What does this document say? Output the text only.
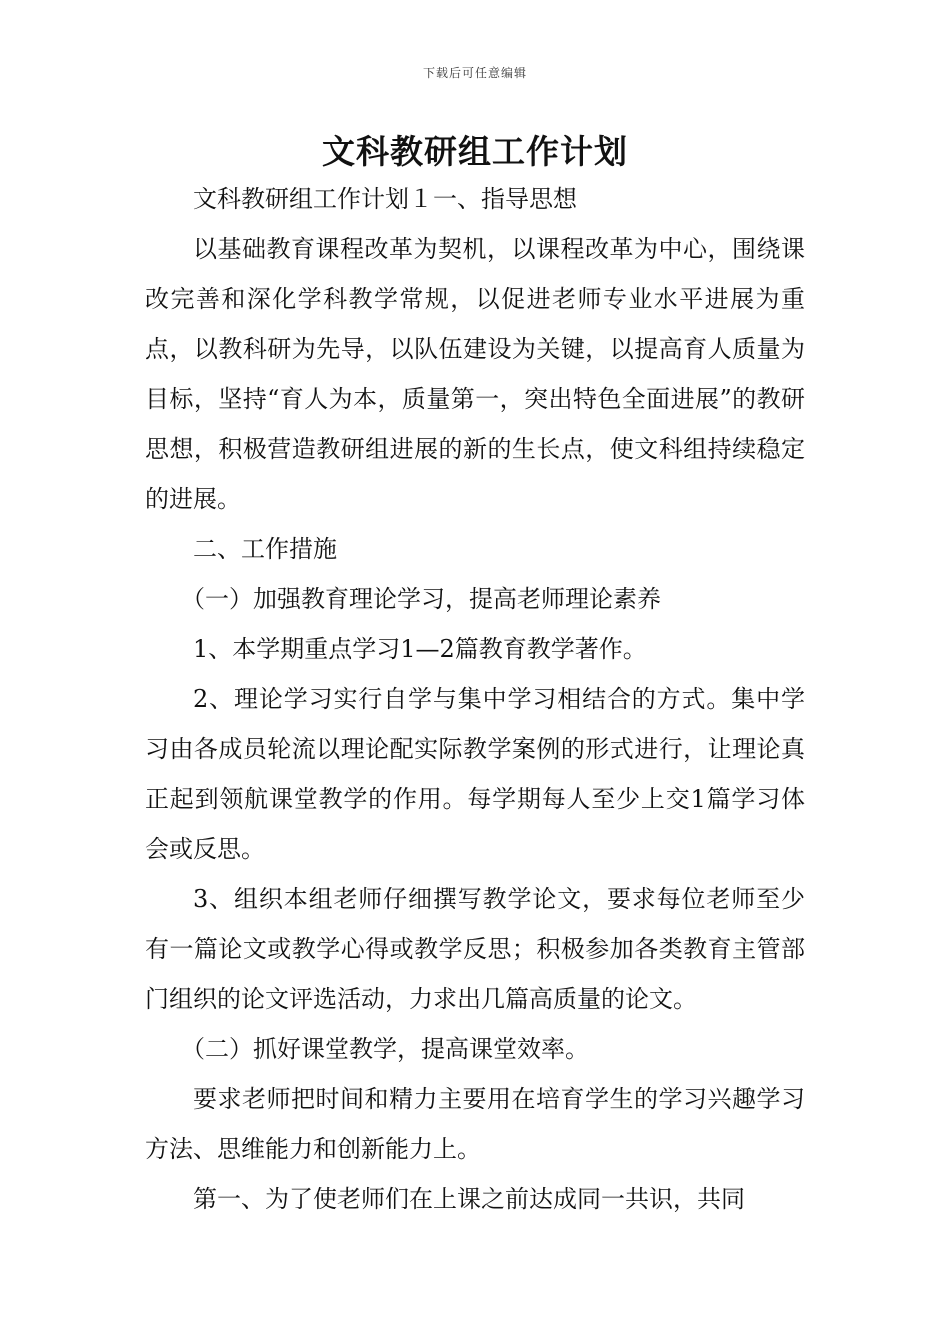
下载后可任意编辑
文科教研组工作计划

文科教研组工作计划１一、指导思想

以基础教育课程改革为契机，以课程改革为中心，围绕课改完善和深化学科教学常规，以促进老师专业水平进展为重点，以教科研为先导，以队伍建设为关键，以提高育人质量为目标，坚持“育人为本，质量第一，突出特色全面进展”的教研思想，积极营造教研组进展的新的生长点，使文科组持续稳定的进展。

二、工作措施

（一）加强教育理论学习，提高老师理论素养

1、本学期重点学习1—2篇教育教学著作。

2、理论学习实行自学与集中学习相结合的方式。集中学习由各成员轮流以理论配实际教学案例的形式进行，让理论真正起到领航课堂教学的作用。每学期每人至少上交1篇学习体会或反思。

3、组织本组老师仔细撰写教学论文，要求每位老师至少有一篇论文或教学心得或教学反思；积极参加各类教育主管部门组织的论文评选活动，力求出几篇高质量的论文。

（二）抓好课堂教学，提高课堂效率。

要求老师把时间和精力主要用在培育学生的学习兴趣学习方法、思维能力和创新能力上。

第一、为了使老师们在上课之前达成同一共识，共同
